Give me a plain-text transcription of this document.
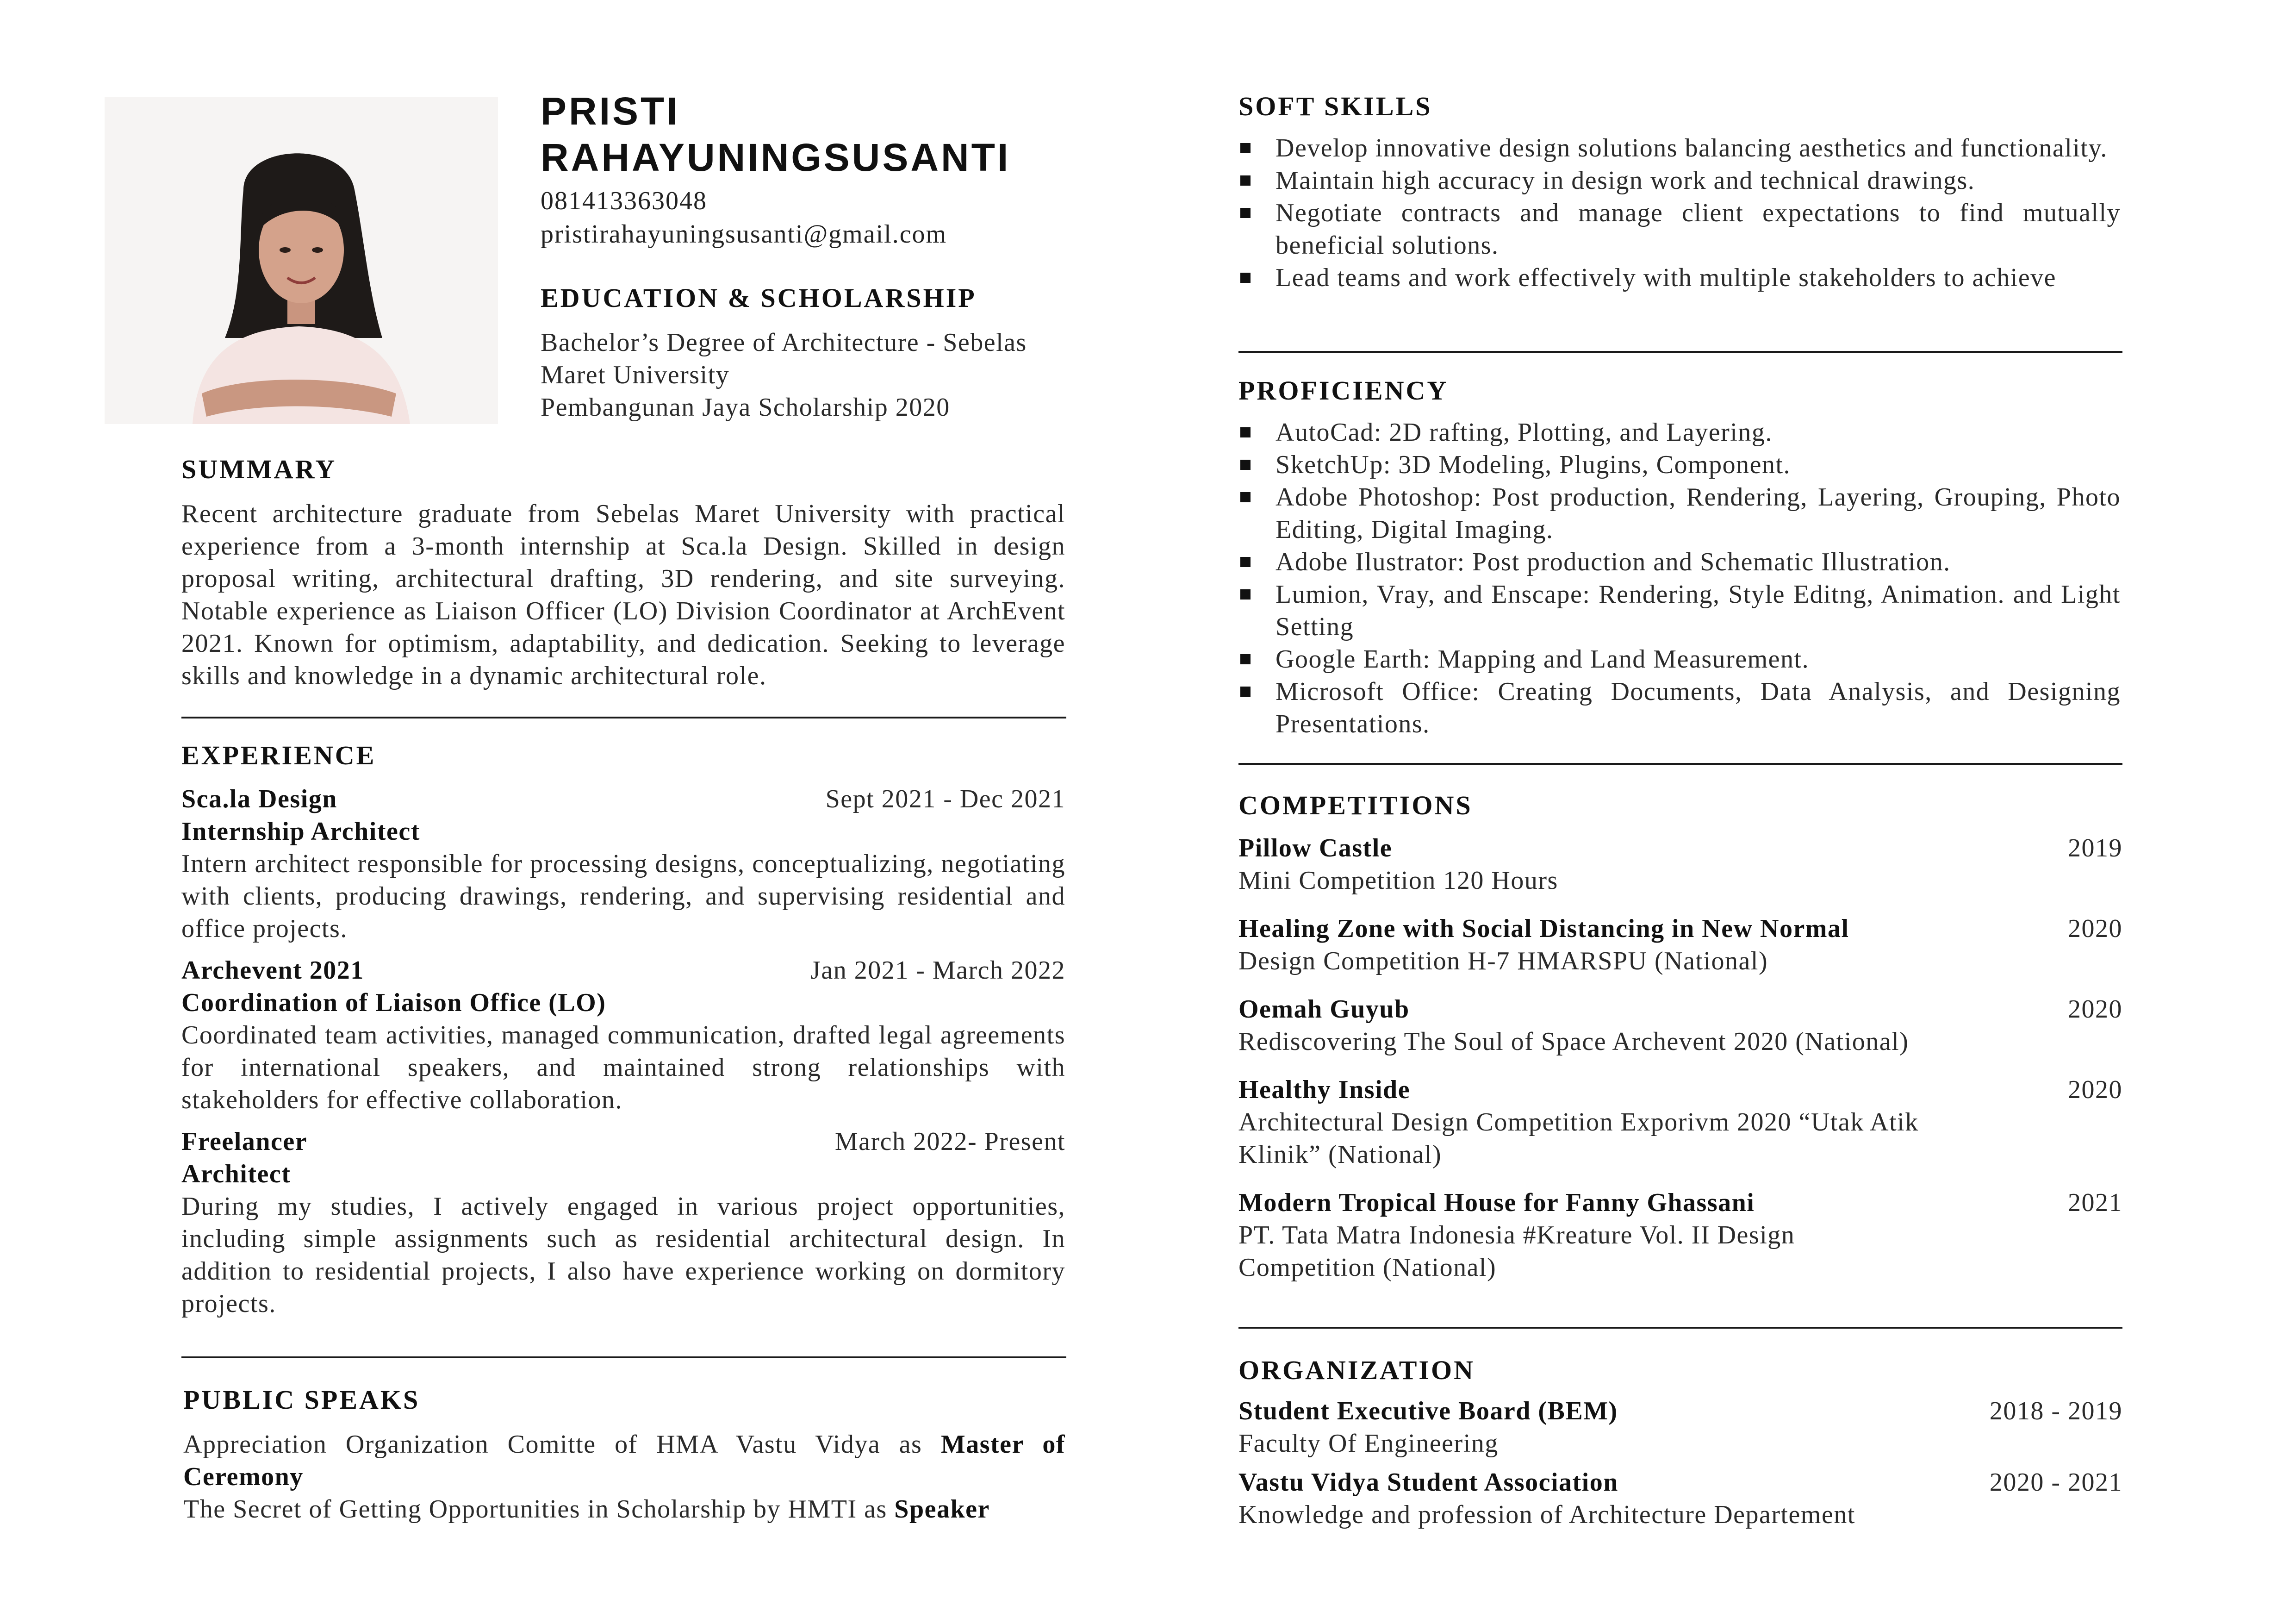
PRISTI
RAHAYUNINGSUSANTI
081413363048
pristirahayuningsusanti@gmail.com
EDUCATION & SCHOLARSHIP
Bachelor’s Degree of Architecture - Sebelas Maret University
Pembangunan Jaya Scholarship 2020
SUMMARY
Recent architecture graduate from Sebelas Maret University with practical experience from a 3-month internship at Sca.la Design. Skilled in design proposal writing, architectural drafting, 3D rendering, and site surveying. Notable experience as Liaison Officer (LO) Division Coordinator at ArchEvent 2021. Known for optimism, adaptability, and dedication. Seeking to leverage skills and knowledge in a dynamic architectural role.
EXPERIENCE
Sca.la Design	Sept 2021 - Dec 2021
Internship Architect
Intern architect responsible for processing designs, conceptualizing, negotiating with clients, producing drawings, rendering, and supervising residential and office projects.
Archevent 2021	Jan 2021 - March 2022
Coordination of Liaison Office (LO)
Coordinated team activities, managed communication, drafted legal agreements for international speakers, and maintained strong relationships with stakeholders for effective collaboration.
Freelancer	March 2022- Present
Architect
During my studies, I actively engaged in various project opportunities, including simple assignments such as residential architectural design. In addition to residential projects, I also have experience working on dormitory projects.
PUBLIC SPEAKS
Appreciation Organization Comitte of HMA Vastu Vidya as Master of Ceremony
The Secret of Getting Opportunities in Scholarship by HMTI as Speaker
SOFT SKILLS
Develop innovative design solutions balancing aesthetics and functionality.
Maintain high accuracy in design work and technical drawings.
Negotiate contracts and manage client expectations to find mutually beneficial solutions.
Lead teams and work effectively with multiple stakeholders to achieve
PROFICIENCY
AutoCad: 2D rafting, Plotting, and Layering.
SketchUp: 3D Modeling, Plugins, Component.
Adobe Photoshop: Post production, Rendering, Layering, Grouping, Photo Editing, Digital Imaging.
Adobe Ilustrator: Post production and Schematic Illustration.
Lumion, Vray, and Enscape: Rendering, Style Editng, Animation. and Light Setting
Google Earth: Mapping and Land Measurement.
Microsoft Office: Creating Documents, Data Analysis, and Designing Presentations.
COMPETITIONS
Pillow Castle	2019
Mini Competition 120 Hours
Healing Zone with Social Distancing in New Normal	2020
Design Competition H-7 HMARSPU (National)
Oemah Guyub	2020
Rediscovering The Soul of Space Archevent 2020 (National)
Healthy Inside	2020
Architectural Design Competition Exporivm 2020 “Utak Atik Klinik” (National)
Modern Tropical House for Fanny Ghassani	2021
PT. Tata Matra Indonesia #Kreature Vol. II Design Competition (National)
ORGANIZATION
Student Executive Board (BEM)	2018 - 2019
Faculty Of Engineering
Vastu Vidya Student Association	2020 - 2021
Knowledge and profession of Architecture Departement
